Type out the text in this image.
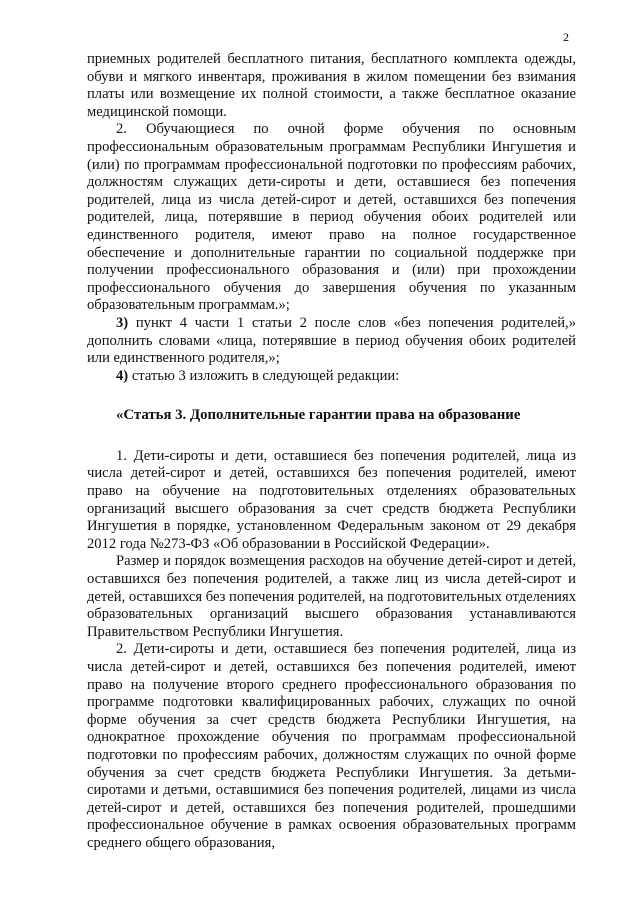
2

приемных родителей бесплатного питания, бесплатного комплекта одежды, обуви и мягкого инвентаря, проживания в жилом помещении без взимания платы или возмещение их полной стоимости, а также бесплатное оказание медицинской помощи.

2. Обучающиеся по очной форме обучения по основным профессиональным образовательным программам Республики Ингушетия и (или) по программам профессиональной подготовки по профессиям рабочих, должностям служащих дети-сироты и дети, оставшиеся без попечения родителей, лица из числа детей-сирот и детей, оставшихся без попечения родителей, лица, потерявшие в период обучения обоих родителей или единственного родителя, имеют право на полное государственное обеспечение и дополнительные гарантии по социальной поддержке при получении профессионального образования и (или) при прохождении профессионального обучения до завершения обучения по указанным образовательным программам.»;

3) пункт 4 части 1 статьи 2 после слов «без попечения родителей,» дополнить словами «лица, потерявшие в период обучения обоих родителей или единственного родителя,»;

4) статью 3 изложить в следующей редакции:

«Статья 3. Дополнительные гарантии права на образование

1. Дети-сироты и дети, оставшиеся без попечения родителей, лица из числа детей-сирот и детей, оставшихся без попечения родителей, имеют право на обучение на подготовительных отделениях образовательных организаций высшего образования за счет средств бюджета Республики Ингушетия в порядке, установленном Федеральным законом от 29 декабря 2012 года №273-ФЗ «Об образовании в Российской Федерации».

Размер и порядок возмещения расходов на обучение детей-сирот и детей, оставшихся без попечения родителей, а также лиц из числа детей-сирот и детей, оставшихся без попечения родителей, на подготовительных отделениях образовательных организаций высшего образования устанавливаются Правительством Республики Ингушетия.

2. Дети-сироты и дети, оставшиеся без попечения родителей, лица из числа детей-сирот и детей, оставшихся без попечения родителей, имеют право на получение второго среднего профессионального образования по программе подготовки квалифицированных рабочих, служащих по очной форме обучения за счет средств бюджета Республики Ингушетия, на однократное прохождение обучения по программам профессиональной подготовки по профессиям рабочих, должностям служащих по очной форме обучения за счет средств бюджета Республики Ингушетия. За детьми-сиротами и детьми, оставшимися без попечения родителей, лицами из числа детей-сирот и детей, оставшихся без попечения родителей, прошедшими профессиональное обучение в рамках освоения образовательных программ среднего общего образования,
